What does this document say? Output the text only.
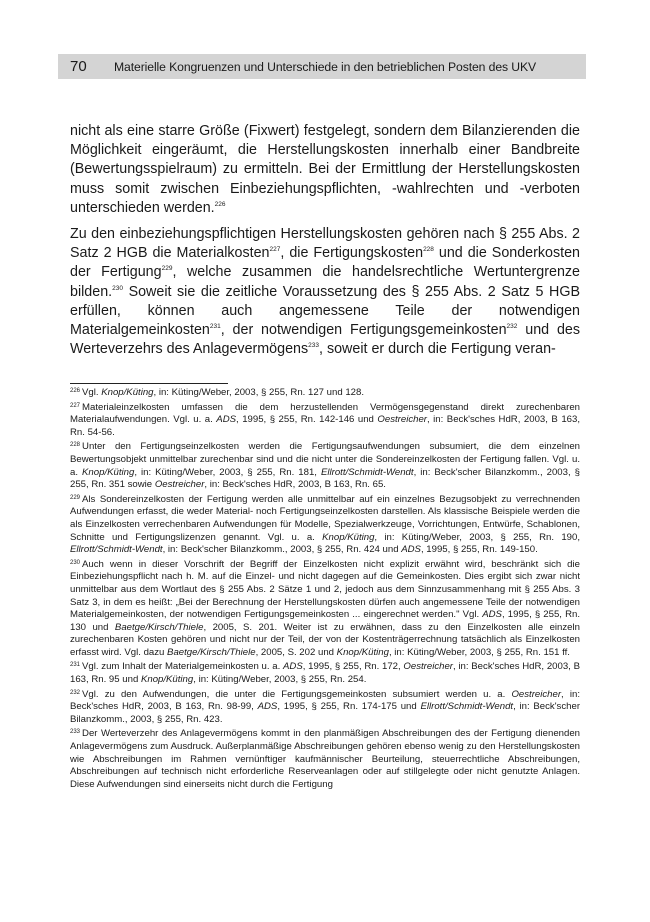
70	Materielle Kongruenzen und Unterschiede in den betrieblichen Posten des UKV

nicht als eine starre Größe (Fixwert) festgelegt, sondern dem Bilanzierenden die Möglichkeit eingeräumt, die Herstellungskosten innerhalb einer Bandbreite (Bewertungsspielraum) zu ermitteln. Bei der Ermittlung der Herstellungskosten muss somit zwischen Einbeziehungspflichten, -wahlrechten und -verboten unterschieden werden.$^{226}$

Zu den einbeziehungspflichtigen Herstellungskosten gehören nach § 255 Abs. 2 Satz 2 HGB die Materialkosten$^{227}$, die Fertigungskosten$^{228}$ und die Sonderkosten der Fertigung$^{229}$, welche zusammen die handelsrechtliche Wertuntergrenze bilden.$^{230}$ Soweit sie die zeitliche Voraussetzung des § 255 Abs. 2 Satz 5 HGB erfüllen, können auch angemessene Teile der notwendigen Materialgemeinkosten$^{231}$, der notwendigen Fertigungsgemeinkosten$^{232}$ und des Werteverzehrs des Anlagevermögens$^{233}$, soweit er durch die Fertigung veran-

$^{226}$ Vgl. Knop/Küting, in: Küting/Weber, 2003, § 255, Rn. 127 und 128.

$^{227}$ Materialeinzelkosten umfassen die dem herzustellenden Vermögensgegenstand direkt zurechenbaren Materialaufwendungen. Vgl. u. a. ADS, 1995, § 255, Rn. 142-146 und Oestreicher, in: Beck'sches HdR, 2003, B 163, Rn. 54-56.

$^{228}$ Unter den Fertigungseinzelkosten werden die Fertigungsaufwendungen subsumiert, die dem einzelnen Bewertungsobjekt unmittelbar zurechenbar sind und die nicht unter die Sondereinzelkosten der Fertigung fallen. Vgl. u. a. Knop/Küting, in: Küting/Weber, 2003, § 255, Rn. 181, Ellrott/Schmidt-Wendt, in: Beck'scher Bilanzkomm., 2003, § 255, Rn. 351 sowie Oestreicher, in: Beck'sches HdR, 2003, B 163, Rn. 65.

$^{229}$ Als Sondereinzelkosten der Fertigung werden alle unmittelbar auf ein einzelnes Bezugsobjekt zu verrechnenden Aufwendungen erfasst, die weder Material- noch Fertigungseinzelkosten darstellen. Als klassische Beispiele werden die als Einzelkosten verrechenbaren Aufwendungen für Modelle, Spezialwerkzeuge, Vorrichtungen, Entwürfe, Schablonen, Schnitte und Fertigungslizenzen genannt. Vgl. u. a. Knop/Küting, in: Küting/Weber, 2003, § 255, Rn. 190, Ellrott/Schmidt-Wendt, in: Beck'scher Bilanzkomm., 2003, § 255, Rn. 424 und ADS, 1995, § 255, Rn. 149-150.

$^{230}$ Auch wenn in dieser Vorschrift der Begriff der Einzelkosten nicht explizit erwähnt wird, beschränkt sich die Einbeziehungspflicht nach h. M. auf die Einzel- und nicht dagegen auf die Gemeinkosten. Dies ergibt sich zwar nicht unmittelbar aus dem Wortlaut des § 255 Abs. 2 Sätze 1 und 2, jedoch aus dem Sinnzusammenhang mit § 255 Abs. 3 Satz 3, in dem es heißt: „Bei der Berechnung der Herstellungskosten dürfen auch angemessene Teile der notwendigen Materialgemeinkosten, der notwendigen Fertigungsgemeinkosten ... eingerechnet werden." Vgl. ADS, 1995, § 255, Rn. 130 und Baetge/Kirsch/Thiele, 2005, S. 201. Weiter ist zu erwähnen, dass zu den Einzelkosten alle einzeln zurechenbaren Kosten gehören und nicht nur der Teil, der von der Kostenträgerrechnung tatsächlich als Einzelkosten erfasst wird. Vgl. dazu Baetge/Kirsch/Thiele, 2005, S. 202 und Knop/Küting, in: Küting/Weber, 2003, § 255, Rn. 151 ff.

$^{231}$ Vgl. zum Inhalt der Materialgemeinkosten u. a. ADS, 1995, § 255, Rn. 172, Oestreicher, in: Beck'sches HdR, 2003, B 163, Rn. 95 und Knop/Küting, in: Küting/Weber, 2003, § 255, Rn. 254.

$^{232}$ Vgl. zu den Aufwendungen, die unter die Fertigungsgemeinkosten subsumiert werden u. a. Oestreicher, in: Beck'sches HdR, 2003, B 163, Rn. 98-99, ADS, 1995, § 255, Rn. 174-175 und Ellrott/Schmidt-Wendt, in: Beck'scher Bilanzkomm., 2003, § 255, Rn. 423.

$^{233}$ Der Werteverzehr des Anlagevermögens kommt in den planmäßigen Abschreibungen des der Fertigung dienenden Anlagevermögens zum Ausdruck. Außerplanmäßige Abschreibungen gehören ebenso wenig zu den Herstellungskosten wie Abschreibungen im Rahmen vernünftiger kaufmännischer Beurteilung, steuerrechtliche Abschreibungen, Abschreibungen auf technisch nicht erforderliche Reserveanlagen oder auf stillgelegte oder nicht genutzte Anlagen. Diese Aufwendungen sind einerseits nicht durch die Fertigung
